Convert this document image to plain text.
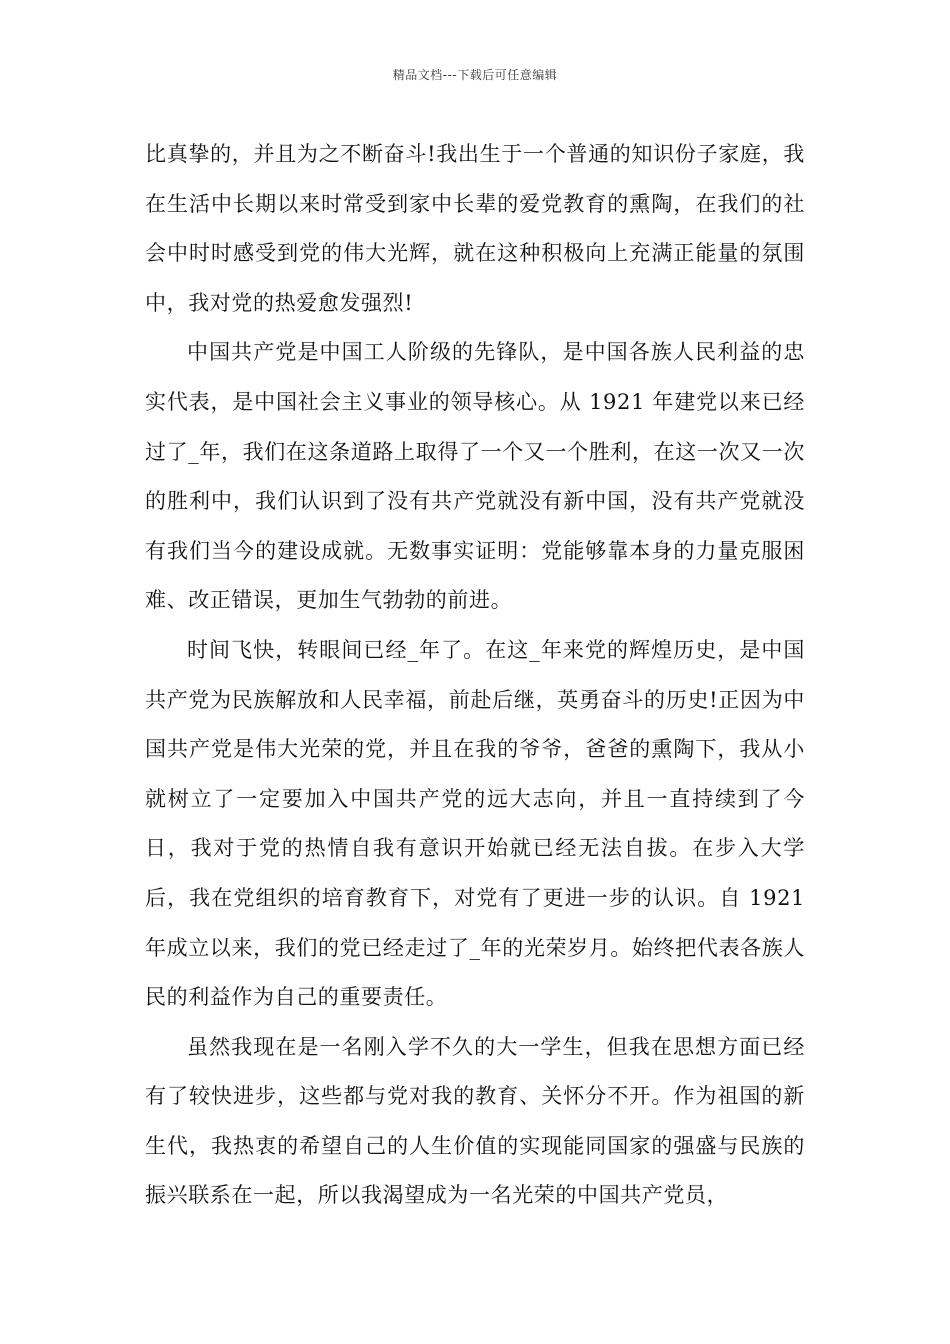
精品文档---下载后可任意编辑

比真挚的，并且为之不断奋斗!我出生于一个普通的知识份子家庭，我在生活中长期以来时常受到家中长辈的爱党教育的熏陶，在我们的社会中时时感受到党的伟大光辉，就在这种积极向上充满正能量的氛围中，我对党的热爱愈发强烈!

中国共产党是中国工人阶级的先锋队，是中国各族人民利益的忠实代表，是中国社会主义事业的领导核心。从 1921 年建党以来已经过了_年，我们在这条道路上取得了一个又一个胜利，在这一次又一次的胜利中，我们认识到了没有共产党就没有新中国，没有共产党就没有我们当今的建设成就。无数事实证明：党能够靠本身的力量克服困难、改正错误，更加生气勃勃的前进。

时间飞快，转眼间已经_年了。在这_年来党的辉煌历史，是中国共产党为民族解放和人民幸福，前赴后继，英勇奋斗的历史!正因为中国共产党是伟大光荣的党，并且在我的爷爷，爸爸的熏陶下，我从小就树立了一定要加入中国共产党的远大志向，并且一直持续到了今日，我对于党的热情自我有意识开始就已经无法自拔。在步入大学后，我在党组织的培育教育下，对党有了更进一步的认识。自 1921 年成立以来，我们的党已经走过了_年的光荣岁月。始终把代表各族人民的利益作为自己的重要责任。

虽然我现在是一名刚入学不久的大一学生，但我在思想方面已经有了较快进步，这些都与党对我的教育、关怀分不开。作为祖国的新生代，我热衷的希望自己的人生价值的实现能同国家的强盛与民族的振兴联系在一起，所以我渴望成为一名光荣的中国共产党员，
